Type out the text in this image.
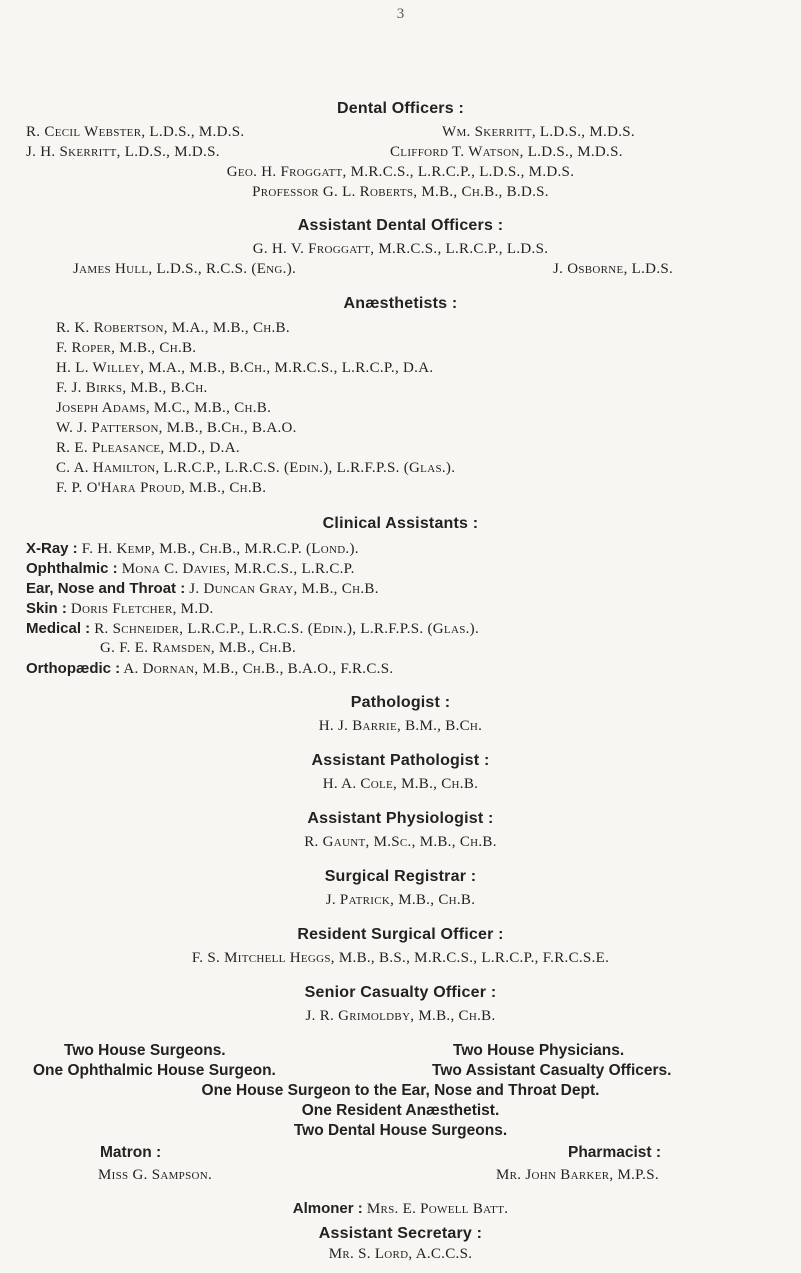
3
Dental Officers :
R. Cecil Webster, L.D.S., M.D.S.	Wm. Skerritt, L.D.S., M.D.S.
J. H. Skerritt, L.D.S., M.D.S.	Clifford T. Watson, L.D.S., M.D.S.
Geo. H. Froggatt, M.R.C.S., L.R.C.P., L.D.S., M.D.S.
Professor G. L. Roberts, M.B., Ch.B., B.D.S.
Assistant Dental Officers :
G. H. V. Froggatt, M.R.C.S., L.R.C.P., L.D.S.
James Hull, L.D.S., R.C.S. (Eng.).	J. Osborne, L.D.S.
Anæsthetists :
R. K. Robertson, M.A., M.B., Ch.B.
F. Roper, M.B., Ch.B.
H. L. Willey, M.A., M.B., B.Ch., M.R.C.S., L.R.C.P., D.A.
F. J. Birks, M.B., B.Ch.
Joseph Adams, M.C., M.B., Ch.B.
W. J. Patterson, M.B., B.Ch., B.A.O.
R. E. Pleasance, M.D., D.A.
C. A. Hamilton, L.R.C.P., L.R.C.S. (Edin.), L.R.F.P.S. (Glas.).
F. P. O'Hara Proud, M.B., Ch.B.
Clinical Assistants :
X-Ray : F. H. Kemp, M.B., Ch.B., M.R.C.P. (Lond.).
Ophthalmic : Mona C. Davies, M.R.C.S., L.R.C.P.
Ear, Nose and Throat : J. Duncan Gray, M.B., Ch.B.
Skin : Doris Fletcher, M.D.
Medical : R. Schneider, L.R.C.P., L.R.C.S. (Edin.), L.R.F.P.S. (Glas.).
G. F. E. Ramsden, M.B., Ch.B.
Orthopædic : A. Dornan, M.B., Ch.B., B.A.O., F.R.C.S.
Pathologist :
H. J. Barrie, B.M., B.Ch.
Assistant Pathologist :
H. A. Cole, M.B., Ch.B.
Assistant Physiologist :
R. Gaunt, M.Sc., M.B., Ch.B.
Surgical Registrar :
J. Patrick, M.B., Ch.B.
Resident Surgical Officer :
F. S. Mitchell Heggs, M.B., B.S., M.R.C.S., L.R.C.P., F.R.C.S.E.
Senior Casualty Officer :
J. R. Grimoldby, M.B., Ch.B.
Two House Surgeons.	Two House Physicians.
One Ophthalmic House Surgeon.	Two Assistant Casualty Officers.
One House Surgeon to the Ear, Nose and Throat Dept.
One Resident Anæsthetist.
Two Dental House Surgeons.
Matron :	Pharmacist :
Miss G. Sampson.	Mr. John Barker, M.P.S.
Almoner : Mrs. E. Powell Batt.
Assistant Secretary :
Mr. S. Lord, A.C.C.S.
